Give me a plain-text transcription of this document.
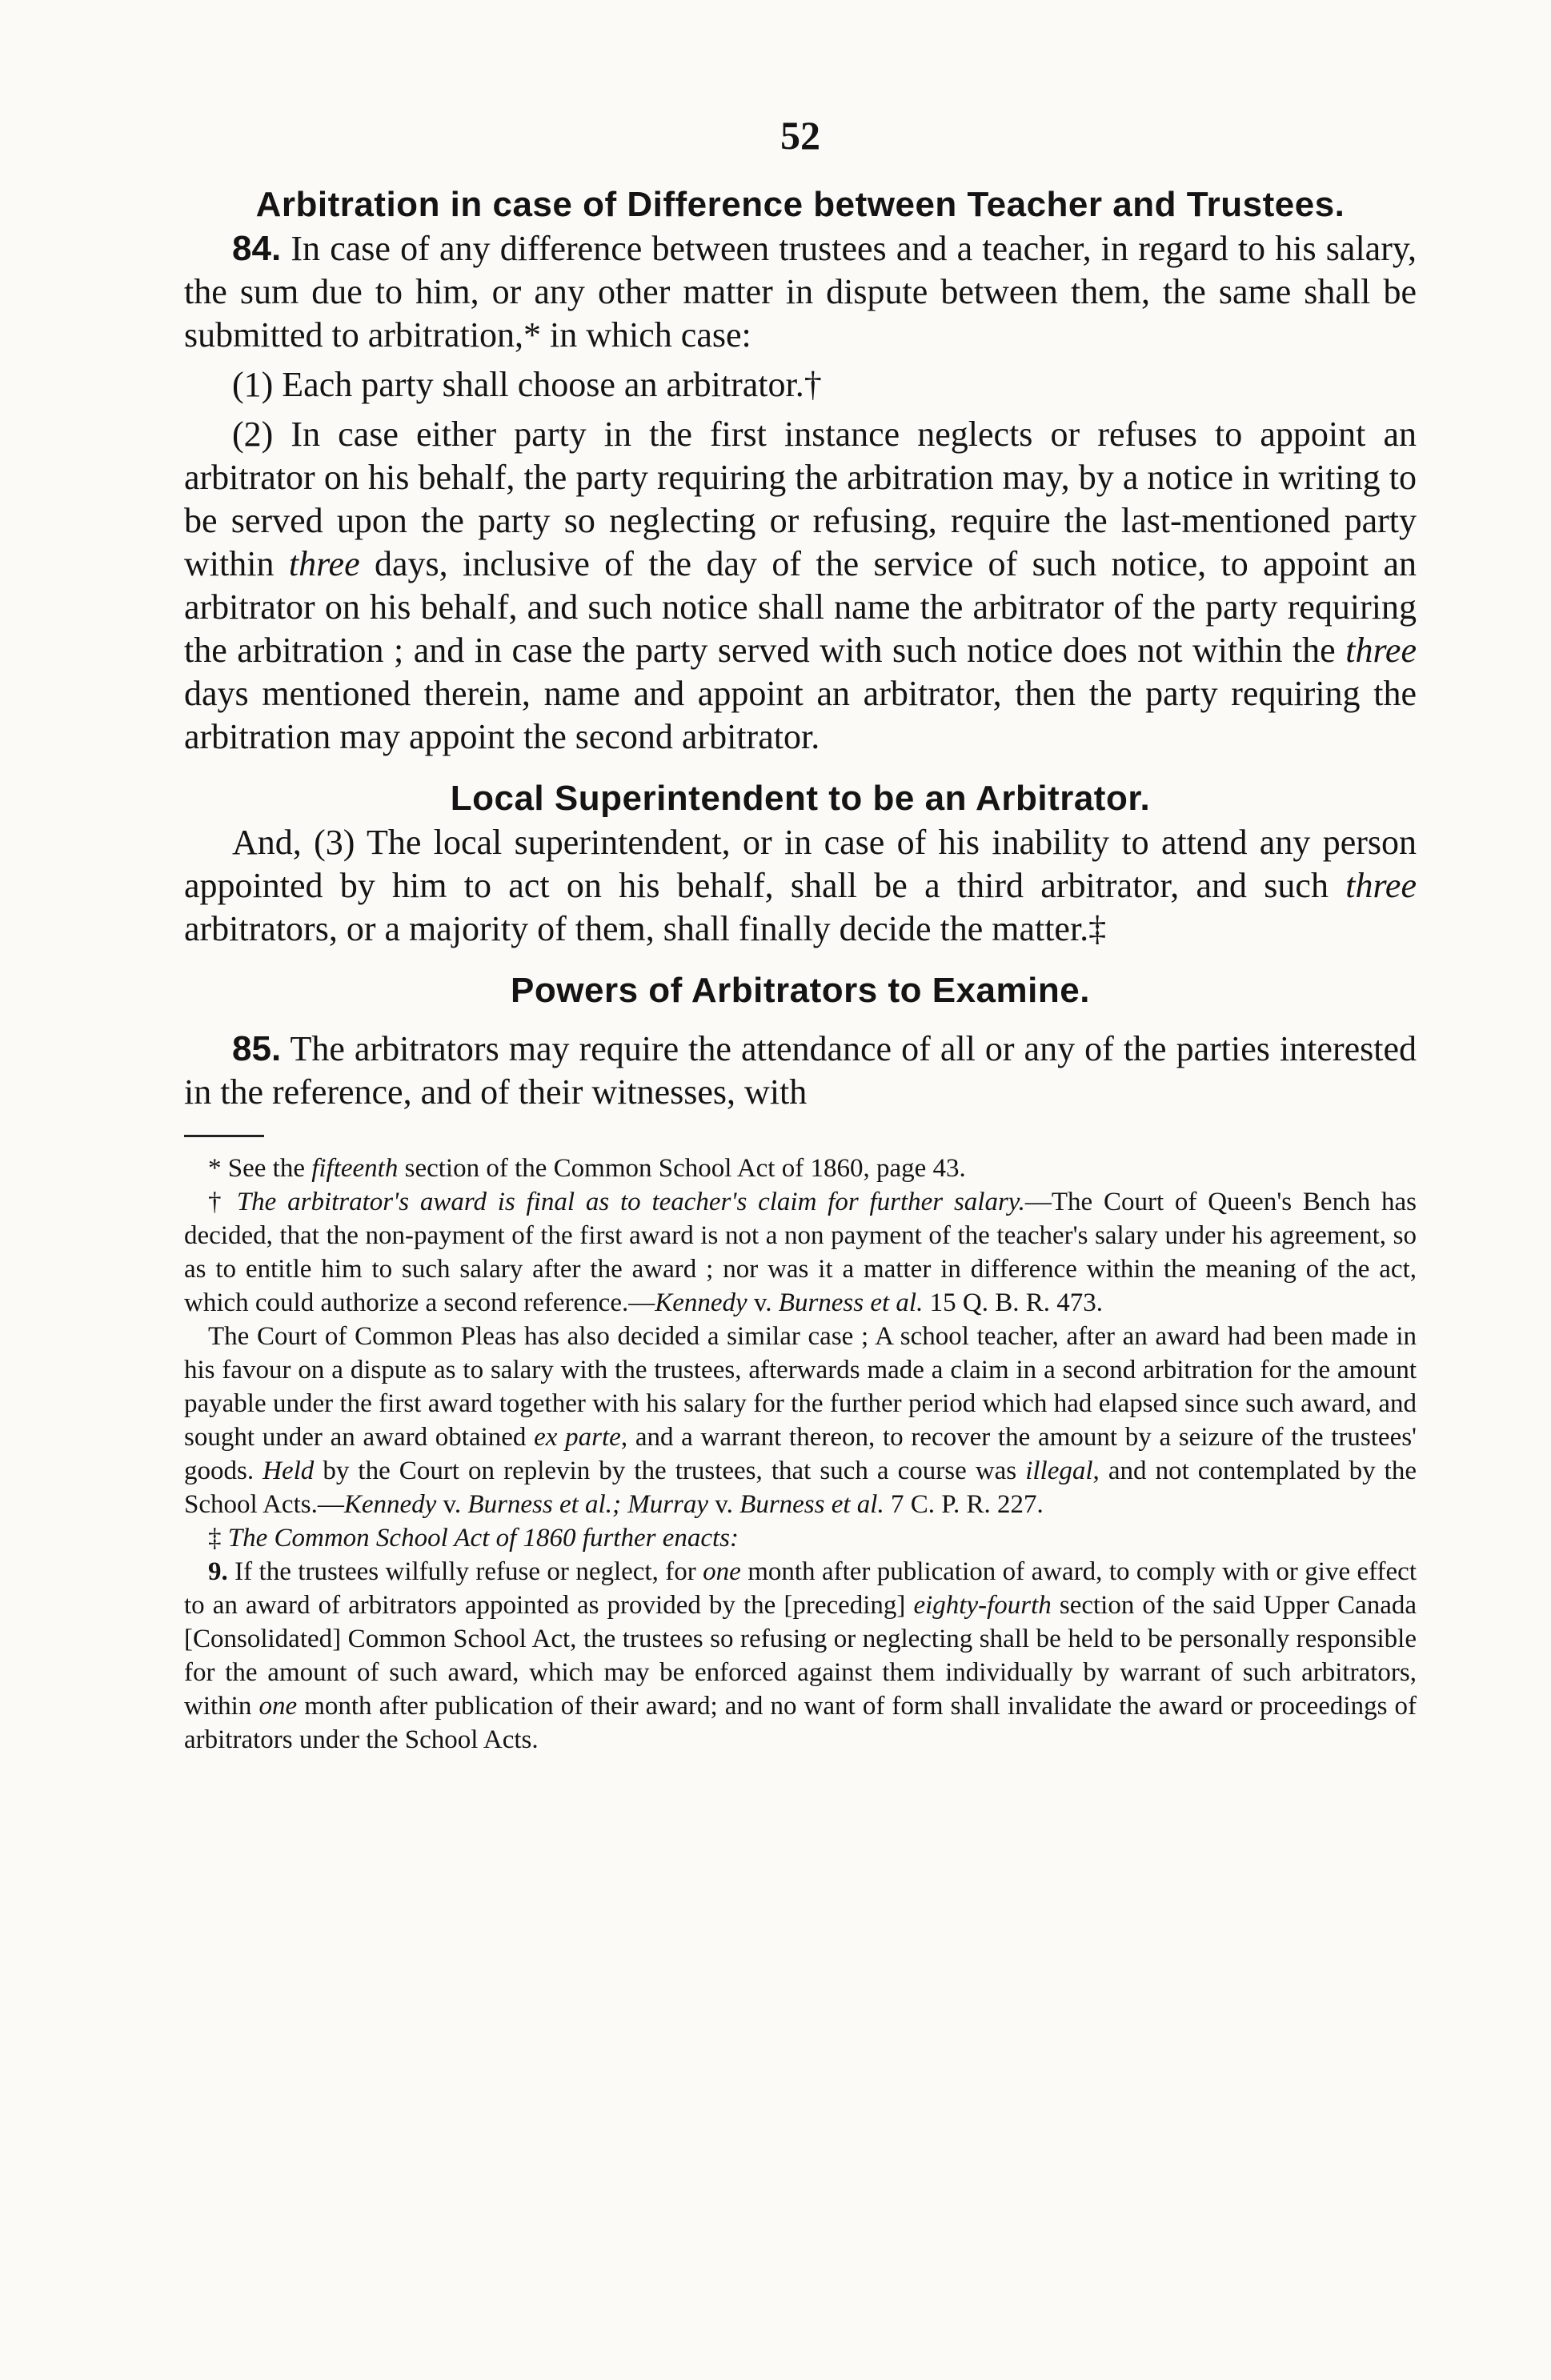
52
Arbitration in case of Difference between Teacher and Trustees.

84. In case of any difference between trustees and a teacher, in regard to his salary, the sum due to him, or any other matter in dispute between them, the same shall be submitted to arbitration,* in which case:

(1) Each party shall choose an arbitrator.†

(2) In case either party in the first instance neglects or refuses to appoint an arbitrator on his behalf, the party requiring the arbitration may, by a notice in writing to be served upon the party so neglecting or refusing, require the last-mentioned party within three days, inclusive of the day of the service of such notice, to appoint an arbitrator on his behalf, and such notice shall name the arbitrator of the party requiring the arbitration ; and in case the party served with such notice does not within the three days mentioned therein, name and appoint an arbitrator, then the party requiring the arbitration may appoint the second arbitrator.

Local Superintendent to be an Arbitrator.

And, (3) The local superintendent, or in case of his inability to attend any person appointed by him to act on his behalf, shall be a third arbitrator, and such three arbitrators, or a majority of them, shall finally decide the matter.‡

Powers of Arbitrators to Examine.

85. The arbitrators may require the attendance of all or any of the parties interested in the reference, and of their witnesses, with

* See the fifteenth section of the Common School Act of 1860, page 43.

† The arbitrator's award is final as to teacher's claim for further salary.—The Court of Queen's Bench has decided, that the non-payment of the first award is not a non payment of the teacher's salary under his agreement, so as to entitle him to such salary after the award ; nor was it a matter in difference within the meaning of the act, which could authorize a second reference.—Kennedy v. Burness et al. 15 Q. B. R. 473.

The Court of Common Pleas has also decided a similar case ; A school teacher, after an award had been made in his favour on a dispute as to salary with the trustees, afterwards made a claim in a second arbitration for the amount payable under the first award together with his salary for the further period which had elapsed since such award, and sought under an award obtained ex parte, and a warrant thereon, to recover the amount by a seizure of the trustees' goods. Held by the Court on replevin by the trustees, that such a course was illegal, and not contemplated by the School Acts.—Kennedy v. Burness et al.; Murray v. Burness et al. 7 C. P. R. 227.

‡ The Common School Act of 1860 further enacts:

9. If the trustees wilfully refuse or neglect, for one month after publication of award, to comply with or give effect to an award of arbitrators appointed as provided by the [preceding] eighty-fourth section of the said Upper Canada [Consolidated] Common School Act, the trustees so refusing or neglecting shall be held to be personally responsible for the amount of such award, which may be enforced against them individually by warrant of such arbitrators, within one month after publication of their award; and no want of form shall invalidate the award or proceedings of arbitrators under the School Acts.
